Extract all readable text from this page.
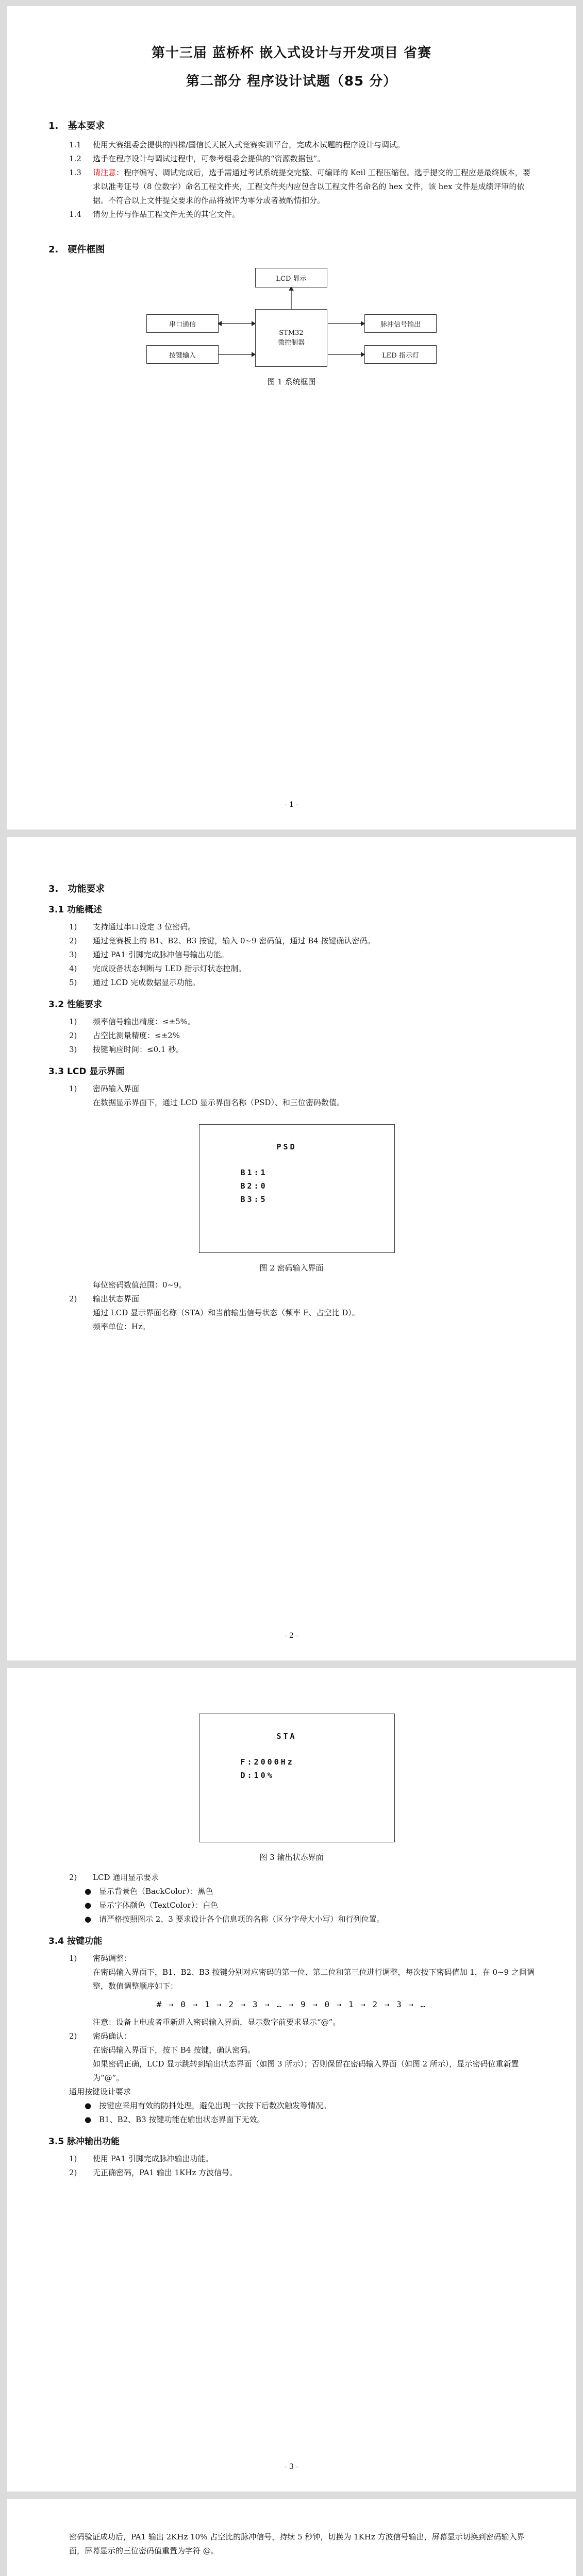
第十三届 蓝桥杯 嵌入式设计与开发项目 省赛
第二部分 程序设计试题（85 分）
1.　基本要求
1.1	使用大赛组委会提供的四梯/国信长天嵌入式竞赛实训平台，完成本试题的程序设计与调试。
1.2	选手在程序设计与调试过程中，可参考组委会提供的“资源数据包”。
1.3	请注意：程序编写、调试完成后，选手需通过考试系统提交完整、可编译的 Keil 工程压缩包。选手提交的工程应是最终版本，要求以准考证号（8 位数字）命名工程文件夹，工程文件夹内应包含以工程文件名命名的 hex 文件，该 hex 文件是成绩评审的依据。不符合以上文件提交要求的作品将被评为零分或者被酌情扣分。
1.4	请勿上传与作品工程文件无关的其它文件。
2.　硬件框图
LCD 显示
串口通信
按键输入
STM32
微控制器
脉冲信号输出
LED 指示灯
图 1 系统框图
- 1 -
3.　功能要求
3.1 功能概述
1)	支持通过串口设定 3 位密码。
2)	通过竞赛板上的 B1、B2、B3 按键，输入 0~9 密码值，通过 B4 按键确认密码。
3)	通过 PA1 引脚完成脉冲信号输出功能。
4)	完成设备状态判断与 LED 指示灯状态控制。
5)	通过 LCD 完成数据显示功能。
3.2 性能要求
1)	频率信号输出精度：≤±5%。
2)	占空比测量精度：≤±2%
3)	按键响应时间：≤0.1 秒。
3.3 LCD 显示界面
1)	密码输入界面
在数据显示界面下，通过 LCD 显示界面名称（PSD）、和三位密码数值。
PSD
B1:1
B2:0
B3:5
图 2 密码输入界面
每位密码数值范围：0~9。
2)	输出状态界面
通过 LCD 显示界面名称（STA）和当前输出信号状态（频率 F、占空比 D）。
频率单位：Hz。
- 2 -
STA
F:2000Hz
D:10%
图 3 输出状态界面
2)	LCD 通用显示要求
● 显示背景色（BackColor）：黑色
● 显示字体颜色（TextColor）：白色
● 请严格按照图示 2、3 要求设计各个信息项的名称（区分字母大小写）和行列位置。
3.4 按键功能
1)	密码调整：
在密码输入界面下，B1、B2、B3 按键分别对应密码的第一位、第二位和第三位进行调整，每次按下密码值加 1，在 0~9 之间调整，数值调整顺序如下：
# → 0 → 1 → 2 → 3 → … → 9 → 0 → 1 → 2 → 3 → …
注意：设备上电或者重新进入密码输入界面，显示数字前要求显示“@”。
2)	密码确认：
在密码输入界面下，按下 B4 按键，确认密码。
如果密码正确，LCD 显示跳转到输出状态界面（如图 3 所示）；否则保留在密码输入界面（如图 2 所示），显示密码位重新置为“@”。
通用按键设计要求
● 按键应采用有效的防抖处理，避免出现一次按下后数次触发等情况。
● B1、B2、B3 按键功能在输出状态界面下无效。
3.5 脉冲输出功能
1)	使用 PA1 引脚完成脉冲输出功能。
2)	无正确密码，PA1 输出 1KHz 方波信号。
- 3 -
密码验证成功后，PA1 输出 2KHz 10% 占空比的脉冲信号，持续 5 秒钟，切换为 1KHz 方波信号输出，屏幕显示切换到密码输入界面，屏幕显示的三位密码值重置为字符 @。
